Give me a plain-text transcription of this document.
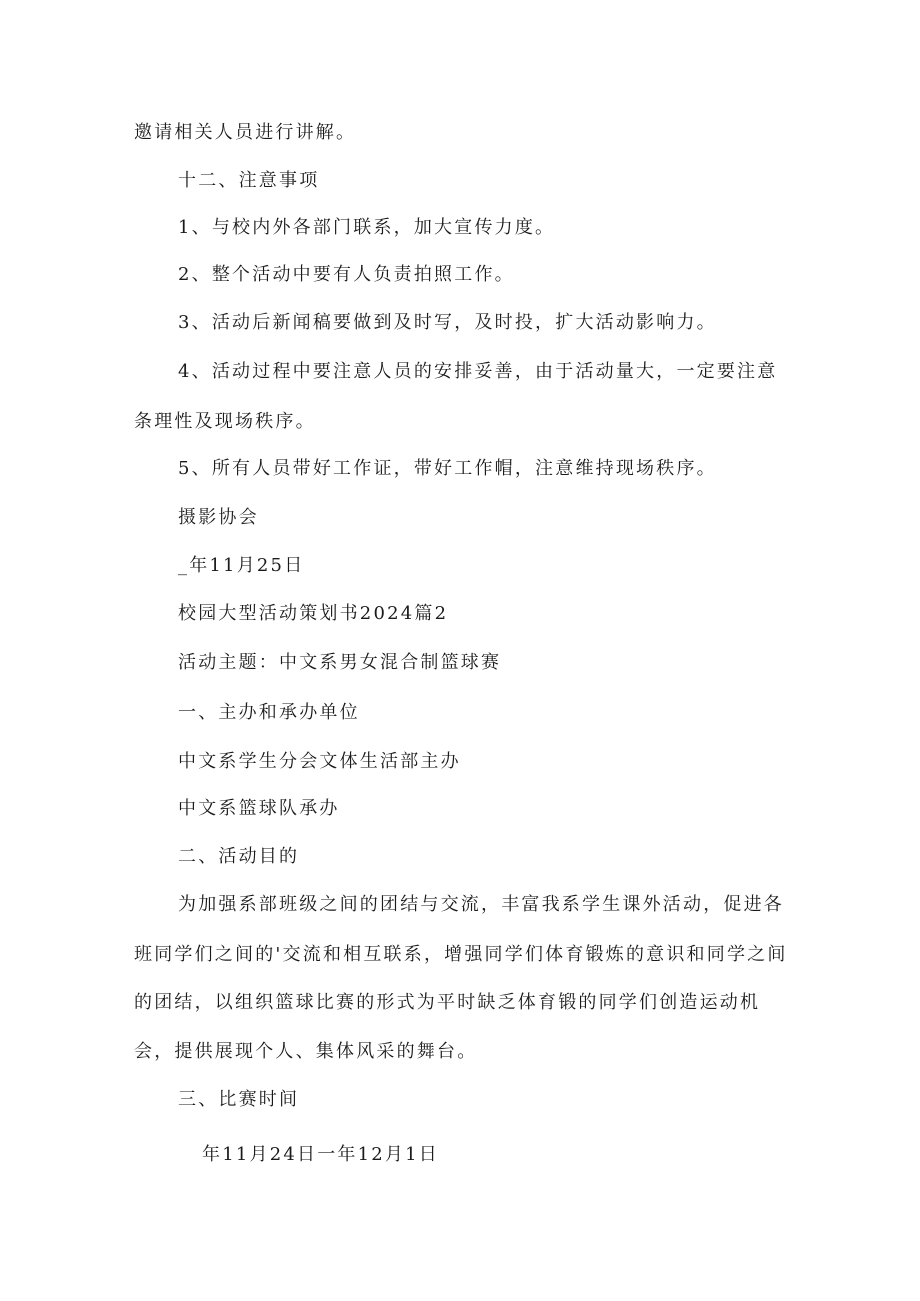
邀请相关人员进行讲解。

十二、注意事项

1、与校内外各部门联系，加大宣传力度。

2、整个活动中要有人负责拍照工作。

3、活动后新闻稿要做到及时写，及时投，扩大活动影响力。

4、活动过程中要注意人员的安排妥善，由于活动量大，一定要注意

条理性及现场秩序。

5、所有人员带好工作证，带好工作帽，注意维持现场秩序。

摄影协会

_年11月25日

校园大型活动策划书2024篇2

活动主题：中文系男女混合制篮球赛

一、主办和承办单位

中文系学生分会文体生活部主办

中文系篮球队承办

二、活动目的

为加强系部班级之间的团结与交流，丰富我系学生课外活动，促进各

班同学们之间的'交流和相互联系，增强同学们体育锻炼的意识和同学之间

的团结，以组织篮球比赛的形式为平时缺乏体育锻的同学们创造运动机

会，提供展现个人、集体风采的舞台。

三、比赛时间

年11月24日一年12月1日
